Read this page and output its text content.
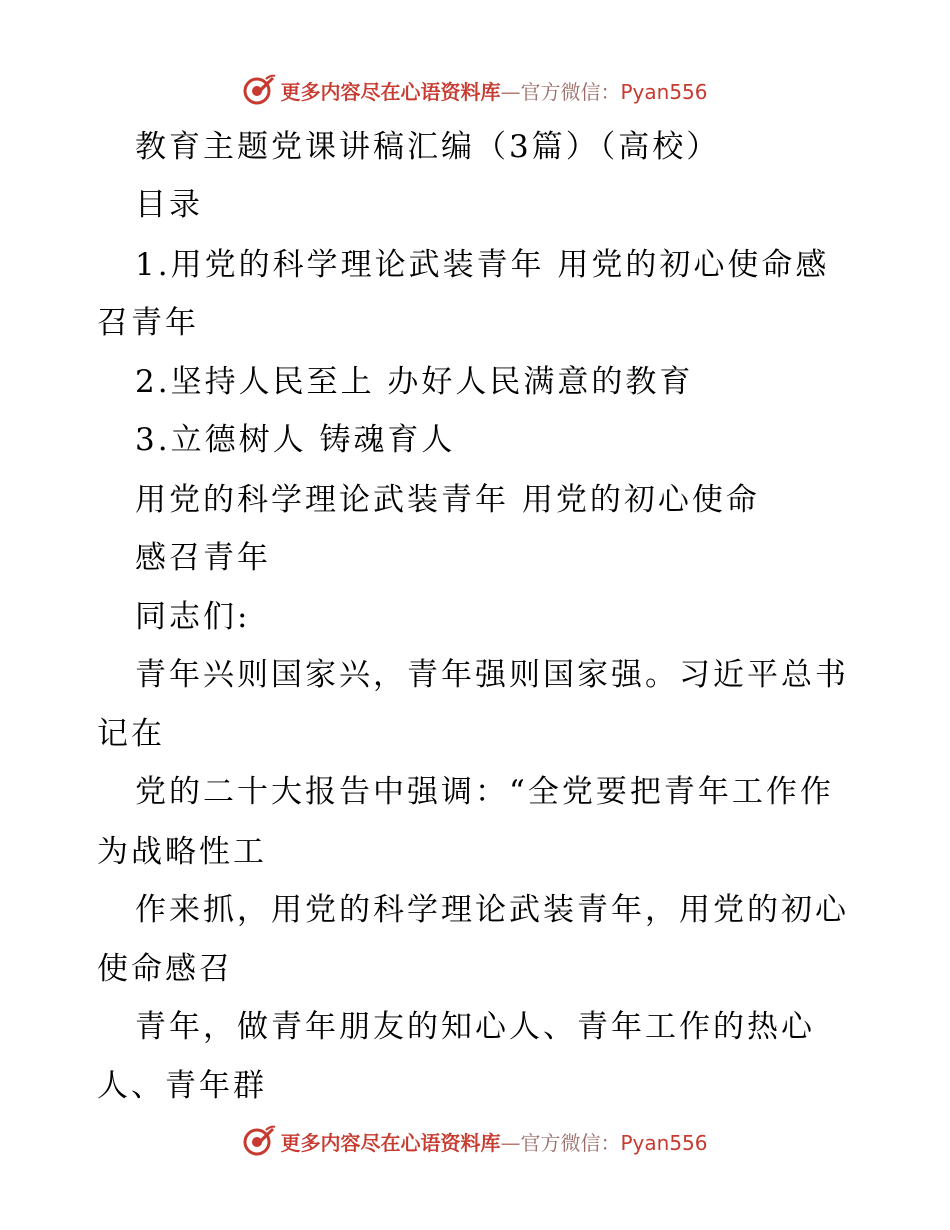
更多内容尽在心语资料库—官方微信：Pyan556
教育主题党课讲稿汇编（3篇）（高校）
目录
1.用党的科学理论武装青年 用党的初心使命感
召青年
2.坚持人民至上 办好人民满意的教育
3.立德树人 铸魂育人
用党的科学理论武装青年 用党的初心使命
感召青年
同志们:
青年兴则国家兴，青年强则国家强。习近平总书
记在
党的二十大报告中强调：“全党要把青年工作作
为战略性工
作来抓，用党的科学理论武装青年，用党的初心
使命感召
青年，做青年朋友的知心人、青年工作的热心
人、青年群
更多内容尽在心语资料库—官方微信：Pyan556
